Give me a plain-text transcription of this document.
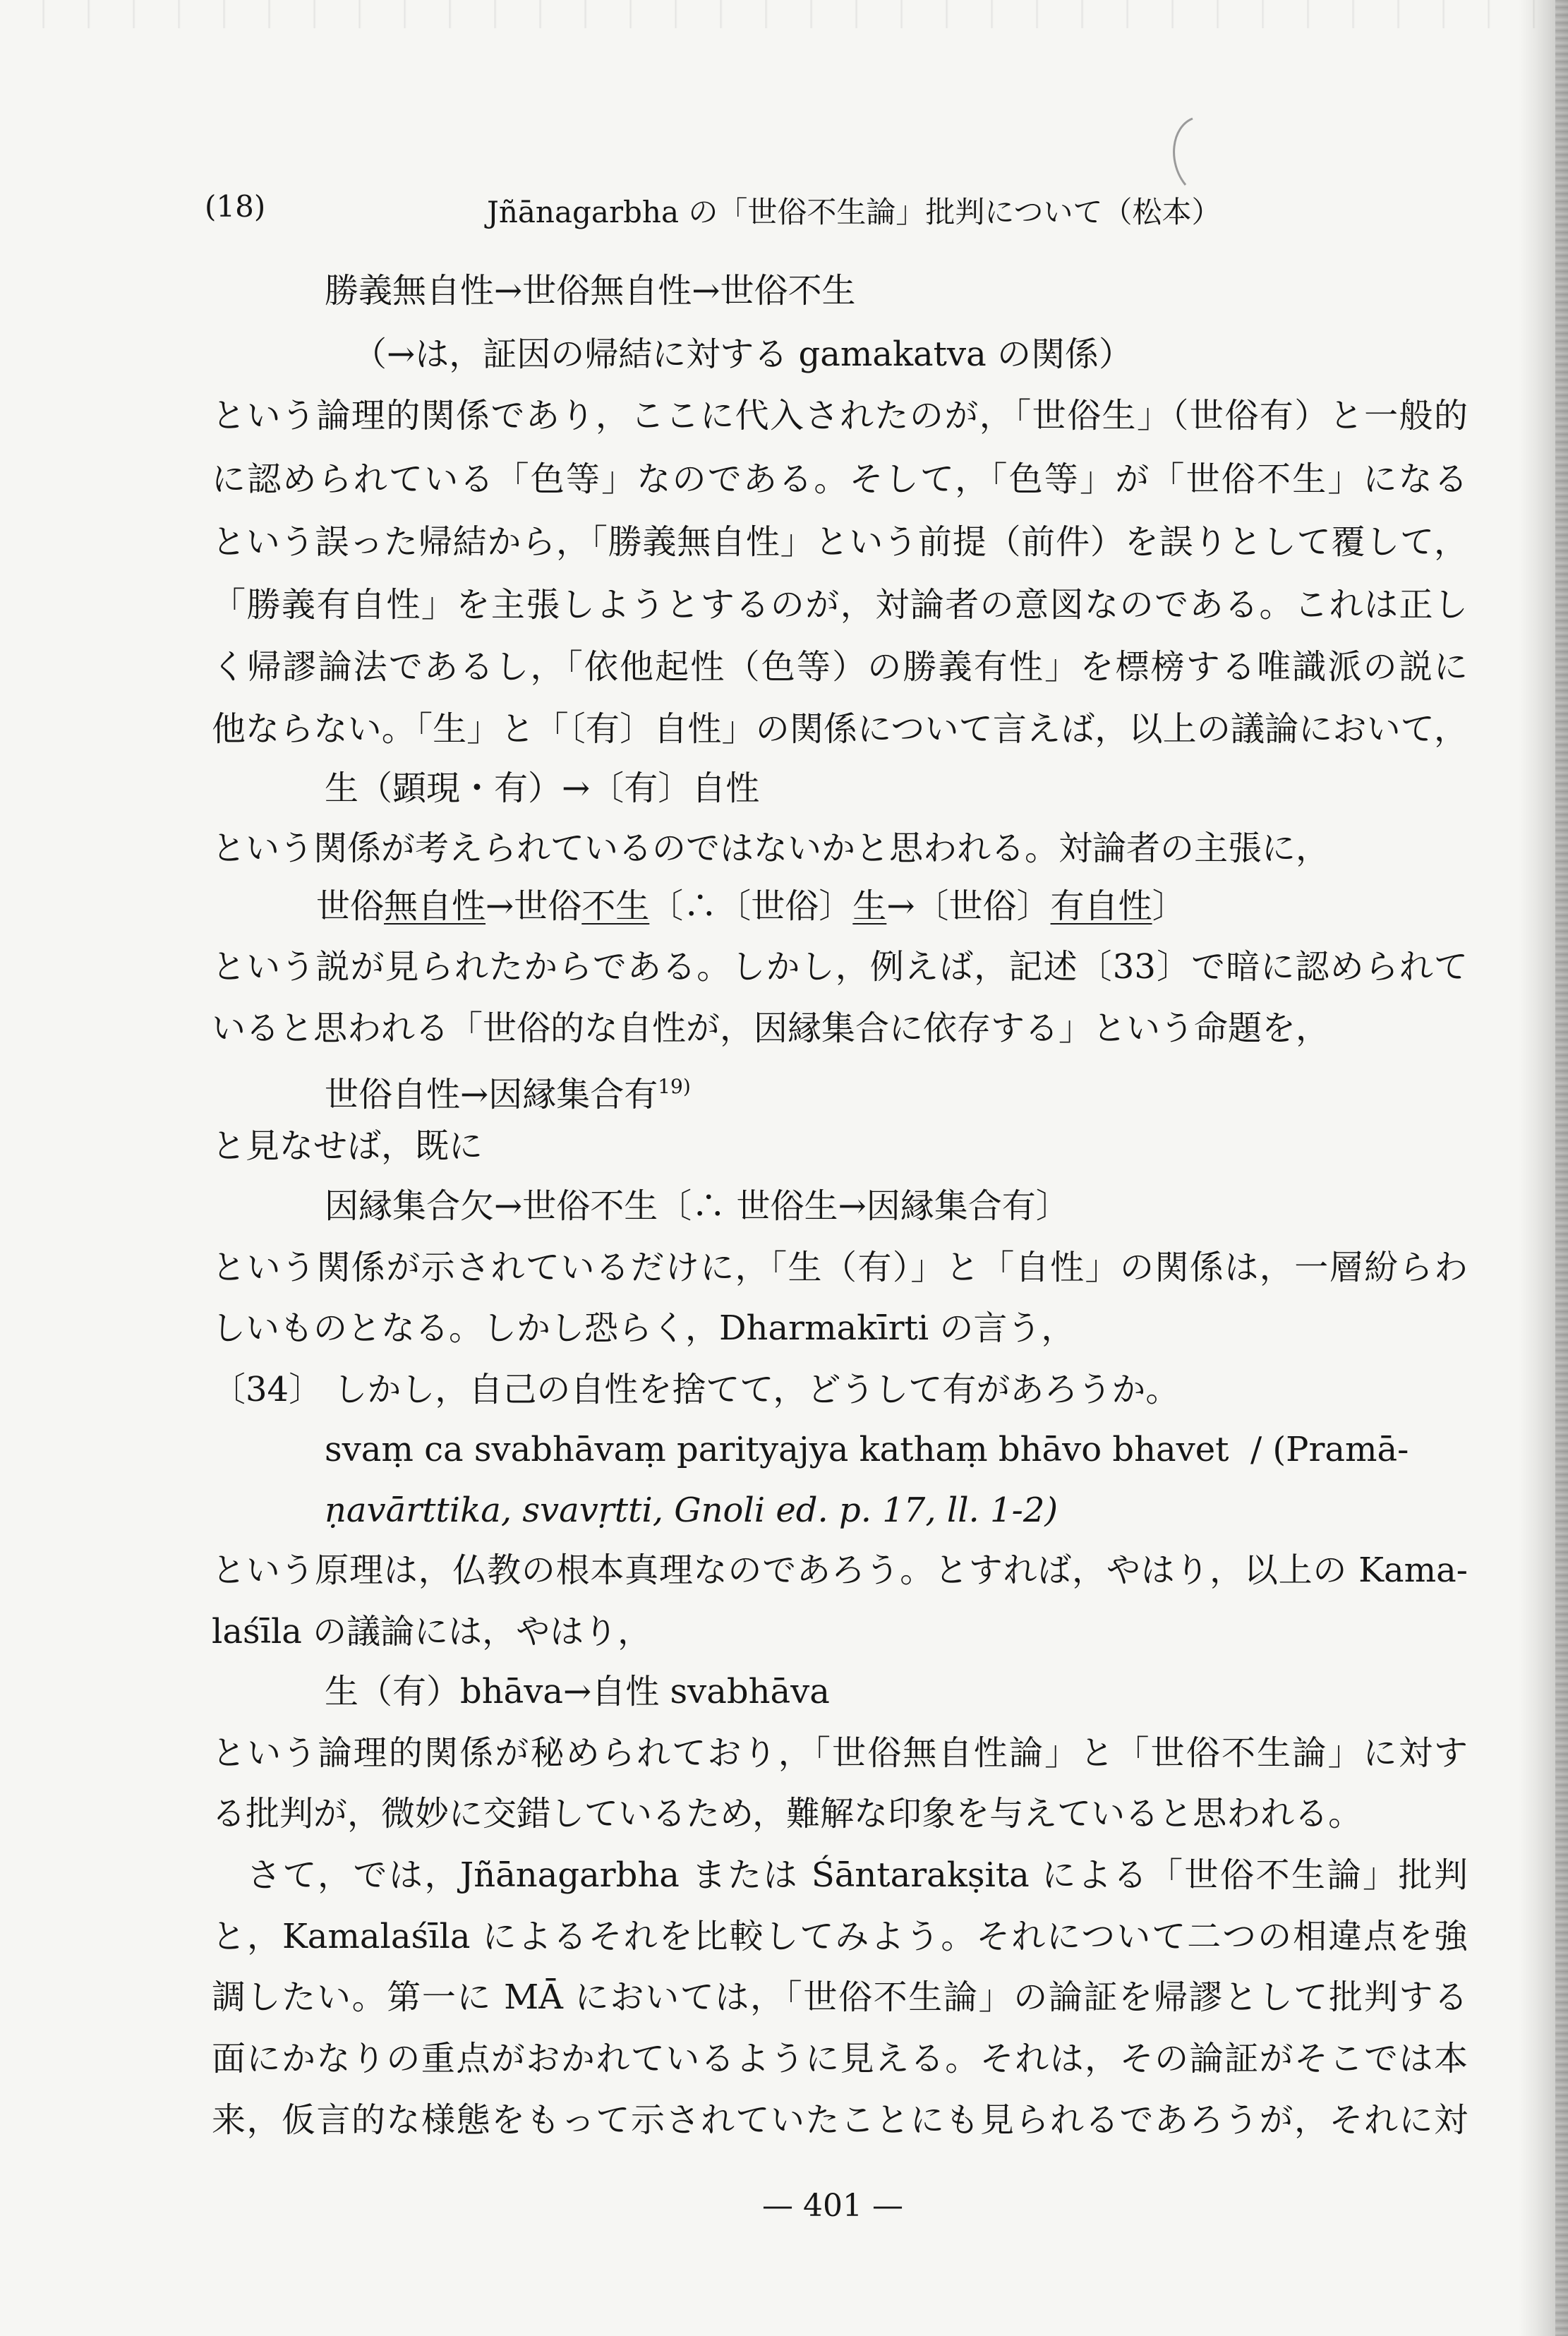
(18)	Jñānagarbha の「世俗不生論」批判について（松本）
勝義無自性→世俗無自性→世俗不生
（→は，証因の帰結に対する gamakatva の関係）
という論理的関係であり，ここに代入されたのが，「世俗生」（世俗有）と一般的
に認められている「色等」なのである。そして，「色等」が「世俗不生」になる
という誤った帰結から，「勝義無自性」という前提（前件）を誤りとして覆して，
「勝義有自性」を主張しようとするのが，対論者の意図なのである。これは正し
く帰謬論法であるし，「依他起性（色等）の勝義有性」を標榜する唯識派の説に
他ならない。「生」と「〔有〕自性」の関係について言えば，以上の議論において，
生（顕現・有）→〔有〕自性
という関係が考えられているのではないかと思われる。対論者の主張に，
世俗無自性→世俗不生〔∴〔世俗〕生→〔世俗〕有自性〕
という説が見られたからである。しかし，例えば，記述〔33〕で暗に認められて
いると思われる「世俗的な自性が，因縁集合に依存する」という命題を，
世俗自性→因縁集合有$^{19)}$
と見なせば，既に
因縁集合欠→世俗不生〔∴ 世俗生→因縁集合有〕
という関係が示されているだけに，「生（有）」と「自性」の関係は，一層紛らわ
しいものとなる。しかし恐らく，Dharmakīrti の言う，
〔34〕 しかし，自己の自性を捨てて，どうして有があろうか。
svaṃ ca svabhāvaṃ parityajya kathaṃ bhāvo bhavet  / (Pramā-
ṇavārttika, svavṛtti, Gnoli ed. p. 17, ll. 1-2)
という原理は，仏教の根本真理なのであろう。とすれば，やはり，以上の Kama-
laśīla の議論には，やはり，
生（有）bhāva→自性 svabhāva
という論理的関係が秘められており，「世俗無自性論」と「世俗不生論」に対す
る批判が，微妙に交錯しているため，難解な印象を与えていると思われる。
さて，では，Jñānagarbha または Śāntarakṣita による「世俗不生論」批判
と，Kamalaśīla によるそれを比較してみよう。それについて二つの相違点を強
調したい。第一に MĀ においては，「世俗不生論」の論証を帰謬として批判する
面にかなりの重点がおかれているように見える。それは，その論証がそこでは本
来，仮言的な様態をもって示されていたことにも見られるであろうが，それに対
— 401 —
